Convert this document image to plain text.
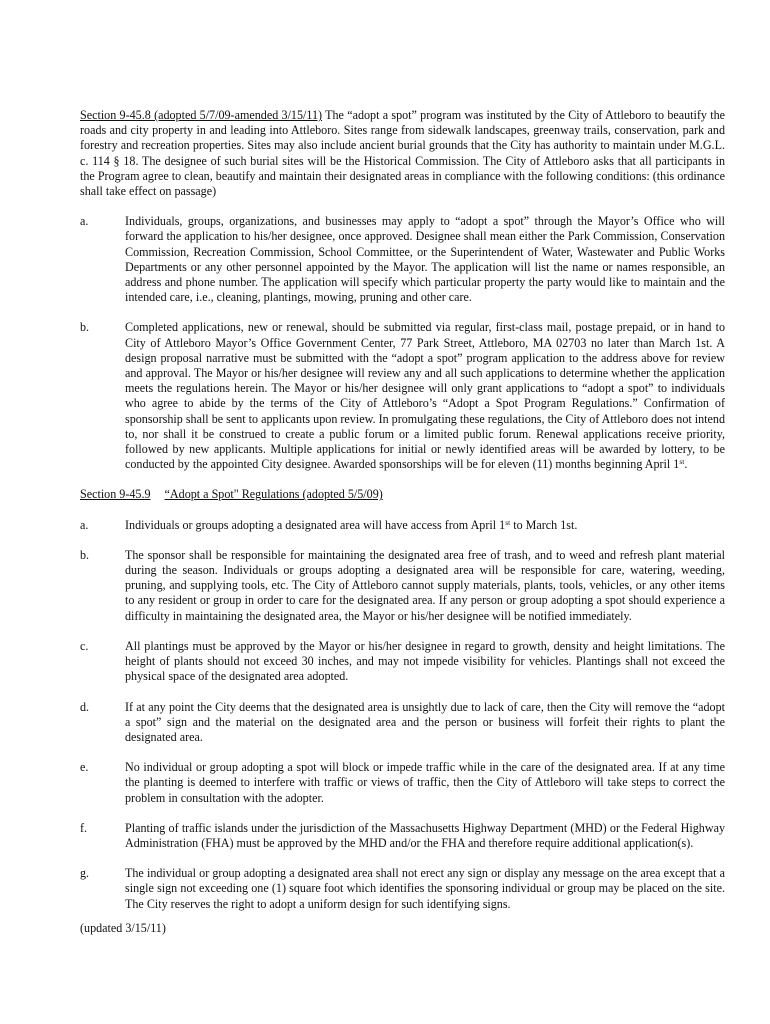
Section 9-45.8 (adopted 5/7/09-amended 3/15/11) The “adopt a spot” program was instituted by the City of Attleboro to beautify the roads and city property in and leading into Attleboro. Sites range from sidewalk landscapes, greenway trails, conservation, park and forestry and recreation properties. Sites may also include ancient burial grounds that the City has authority to maintain under M.G.L. c. 114 § 18. The designee of such burial sites will be the Historical Commission. The City of Attleboro asks that all participants in the Program agree to clean, beautify and maintain their designated areas in compliance with the following conditions: (this ordinance shall take effect on passage)

a.	Individuals, groups, organizations, and businesses may apply to “adopt a spot” through the Mayor’s Office who will forward the application to his/her designee, once approved. Designee shall mean either the Park Commission, Conservation Commission, Recreation Commission, School Committee, or the Superintendent of Water, Wastewater and Public Works Departments or any other personnel appointed by the Mayor. The application will list the name or names responsible, an address and phone number. The application will specify which particular property the party would like to maintain and the intended care, i.e., cleaning, plantings, mowing, pruning and other care.
b.	Completed applications, new or renewal, should be submitted via regular, first-class mail, postage prepaid, or in hand to City of Attleboro Mayor’s Office Government Center, 77 Park Street, Attleboro, MA 02703 no later than March 1st. A design proposal narrative must be submitted with the “adopt a spot” program application to the address above for review and approval. The Mayor or his/her designee will review any and all such applications to determine whether the application meets the regulations herein. The Mayor or his/her designee will only grant applications to “adopt a spot” to individuals who agree to abide by the terms of the City of Attleboro’s “Adopt a Spot Program Regulations.” Confirmation of sponsorship shall be sent to applicants upon review. In promulgating these regulations, the City of Attleboro does not intend to, nor shall it be construed to create a public forum or a limited public forum. Renewal applications receive priority, followed by new applicants. Multiple applications for initial or newly identified areas will be awarded by lottery, to be conducted by the appointed City designee. Awarded sponsorships will be for eleven (11) months beginning April 1st.

Section 9-45.9 “Adopt a Spot" Regulations (adopted 5/5/09)

a.	Individuals or groups adopting a designated area will have access from April 1st to March 1st.
b.	The sponsor shall be responsible for maintaining the designated area free of trash, and to weed and refresh plant material during the season. Individuals or groups adopting a designated area will be responsible for care, watering, weeding, pruning, and supplying tools, etc. The City of Attleboro cannot supply materials, plants, tools, vehicles, or any other items to any resident or group in order to care for the designated area. If any person or group adopting a spot should experience a difficulty in maintaining the designated area, the Mayor or his/her designee will be notified immediately.
c.	All plantings must be approved by the Mayor or his/her designee in regard to growth, density and height limitations. The height of plants should not exceed 30 inches, and may not impede visibility for vehicles. Plantings shall not exceed the physical space of the designated area adopted.
d.	If at any point the City deems that the designated area is unsightly due to lack of care, then the City will remove the “adopt a spot” sign and the material on the designated area and the person or business will forfeit their rights to plant the designated area.
e.	No individual or group adopting a spot will block or impede traffic while in the care of the designated area. If at any time the planting is deemed to interfere with traffic or views of traffic, then the City of Attleboro will take steps to correct the problem in consultation with the adopter.
f.	Planting of traffic islands under the jurisdiction of the Massachusetts Highway Department (MHD) or the Federal Highway Administration (FHA) must be approved by the MHD and/or the FHA and therefore require additional application(s).
g.	The individual or group adopting a designated area shall not erect any sign or display any message on the area except that a single sign not exceeding one (1) square foot which identifies the sponsoring individual or group may be placed on the site. The City reserves the right to adopt a uniform design for such identifying signs.

(updated 3/15/11)
